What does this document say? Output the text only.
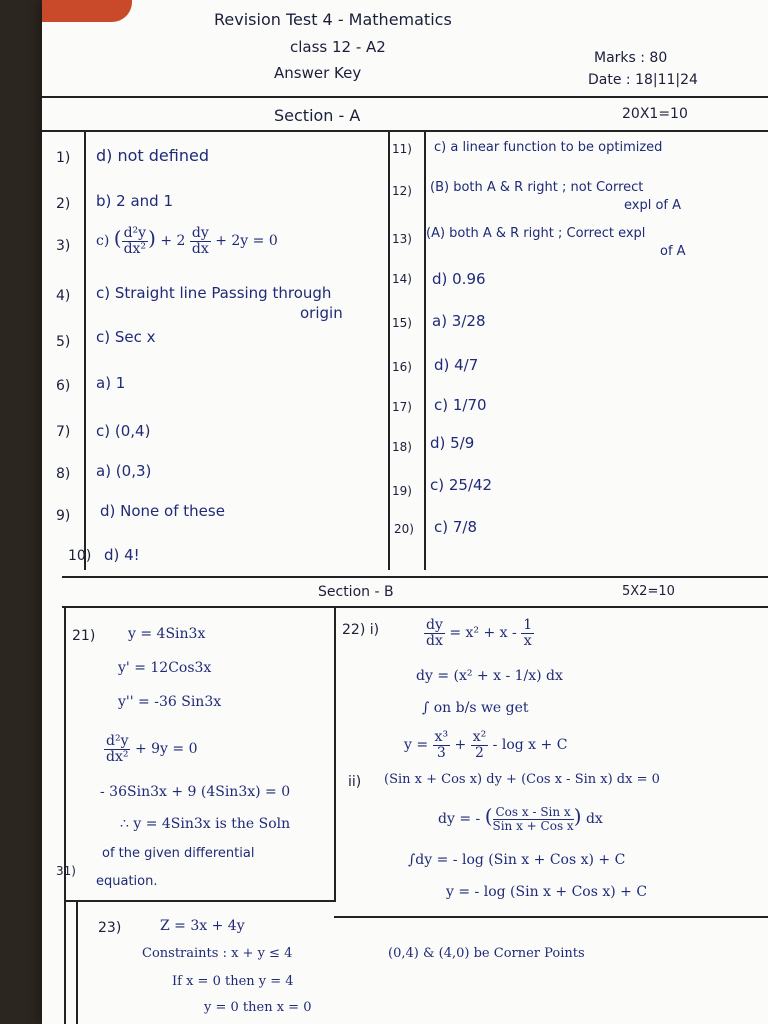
Revision Test 4 - Mathematics
class 12 - A2
Answer Key
Marks : 80
Date : 18|11|24
Section - A	20X1=10
1) d) not defined
2) b) 2 and 1
3) c) ( $\frac{\text{d²y}}{\text{dx²}}$ ) + $2 \frac{dy}{dx} + 2y = 0$
4) c) Straight line Passing through
origin
5) c) Sec x
6) a) 1
7) c) (0,4)
8) a) (0,3)
9) d) None of these
10) d) 4!
11) c) a linear function to be optimized
12) (B) both A & R right ; not Correct
expl of A
13) (A) both A & R right ; Correct expl
of A
14) d) 0.96
15) a) 3/28
16) d) 4/7
17) c) 1/70
18) d) 5/9
19) c) 25/42
20) c) 7/8
Section - B	5X2=10
21) y = 4Sin3x
y' = 12Cos3x
y'' = -36 Sin3x
$\frac{\text{d²y}}{\text{dx²}} + 9y = 0$
- 36Sin3x + 9 (4Sin3x) = 0
∴ y = 4Sin3x is the Soln
of the given differential
equation.
22) i)	$\frac{dy}{dx} = x^2 + x - \frac{1}{x}$
dy = (x² + x - 1/x) dx
∫ on b/s we get
$y = \frac{\text{x³}}{3} + \frac{\text{x²}}{2} - \log x + C$
ii) (Sin x + Cos x) dy + (Cos x - Sin x) dx = 0
dy = - ( $\frac{\text{Cos x - Sin x}}{\text{Sin x + Cos x}}$ ) dx
∫dy = - log (Sin x + Cos x) + C
y = - log (Sin x + Cos x) + C
31)
23)	Z = 3x + 4y
Constraints : x + y ≤ 4
If x = 0 then y = 4
y = 0 then x = 0
(0,4) & (4,0) be Corner Points
